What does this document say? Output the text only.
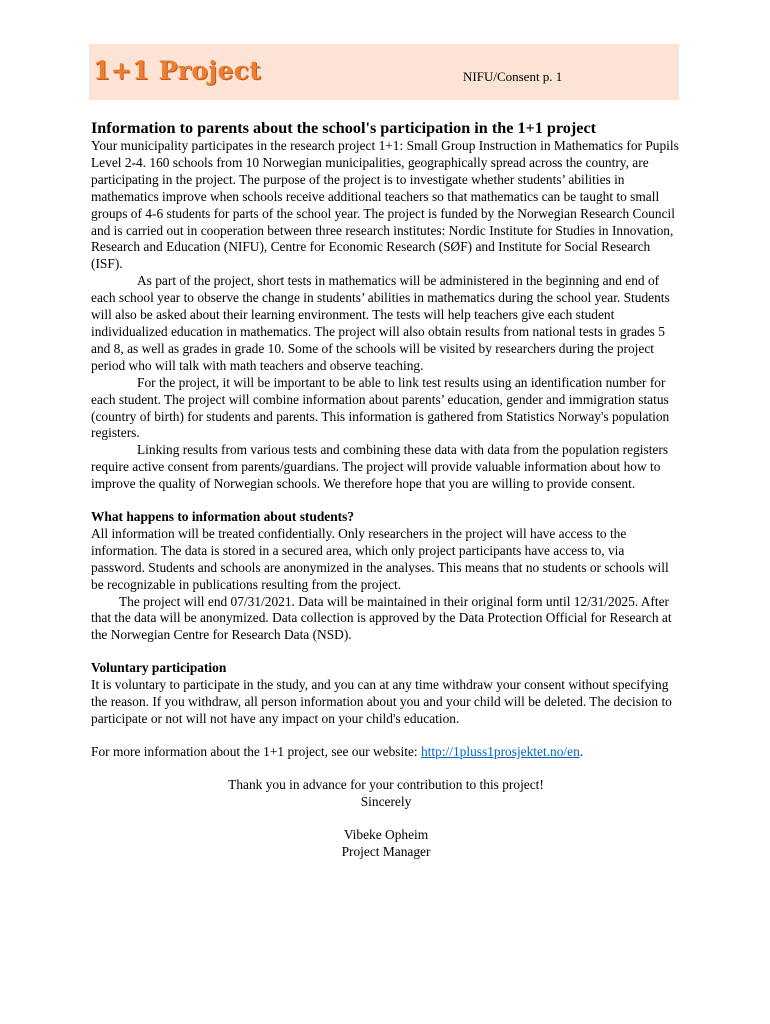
1+1 Project	NIFU/Consent p. 1

Information to parents about the school's participation in the 1+1 project

Your municipality participates in the research project 1+1: Small Group Instruction in Mathematics for Pupils Level 2-4. 160 schools from 10 Norwegian municipalities, geographically spread across the country, are participating in the project. The purpose of the project is to investigate whether students’ abilities in mathematics improve when schools receive additional teachers so that mathematics can be taught to small groups of 4-6 students for parts of the school year. The project is funded by the Norwegian Research Council and is carried out in cooperation between three research institutes: Nordic Institute for Studies in Innovation, Research and Education (NIFU), Centre for Economic Research (SØF) and Institute for Social Research (ISF).

As part of the project, short tests in mathematics will be administered in the beginning and end of each school year to observe the change in students’ abilities in mathematics during the school year. Students will also be asked about their learning environment. The tests will help teachers give each student individualized education in mathematics. The project will also obtain results from national tests in grades 5 and 8, as well as grades in grade 10. Some of the schools will be visited by researchers during the project period who will talk with math teachers and observe teaching.

For the project, it will be important to be able to link test results using an identification number for each student. The project will combine information about parents’ education, gender and immigration status (country of birth) for students and parents. This information is gathered from Statistics Norway's population registers.

Linking results from various tests and combining these data with data from the population registers require active consent from parents/guardians. The project will provide valuable information about how to improve the quality of Norwegian schools. We therefore hope that you are willing to provide consent.

What happens to information about students?

All information will be treated confidentially. Only researchers in the project will have access to the information. The data is stored in a secured area, which only project participants have access to, via password. Students and schools are anonymized in the analyses. This means that no students or schools will be recognizable in publications resulting from the project.

The project will end 07/31/2021. Data will be maintained in their original form until 12/31/2025. After that the data will be anonymized. Data collection is approved by the Data Protection Official for Research at the Norwegian Centre for Research Data (NSD).

Voluntary participation

It is voluntary to participate in the study, and you can at any time withdraw your consent without specifying the reason. If you withdraw, all person information about you and your child will be deleted. The decision to participate or not will not have any impact on your child's education.

For more information about the 1+1 project, see our website: http://1pluss1prosjektet.no/en.

Thank you in advance for your contribution to this project!

Sincerely

Vibeke Opheim

Project Manager
